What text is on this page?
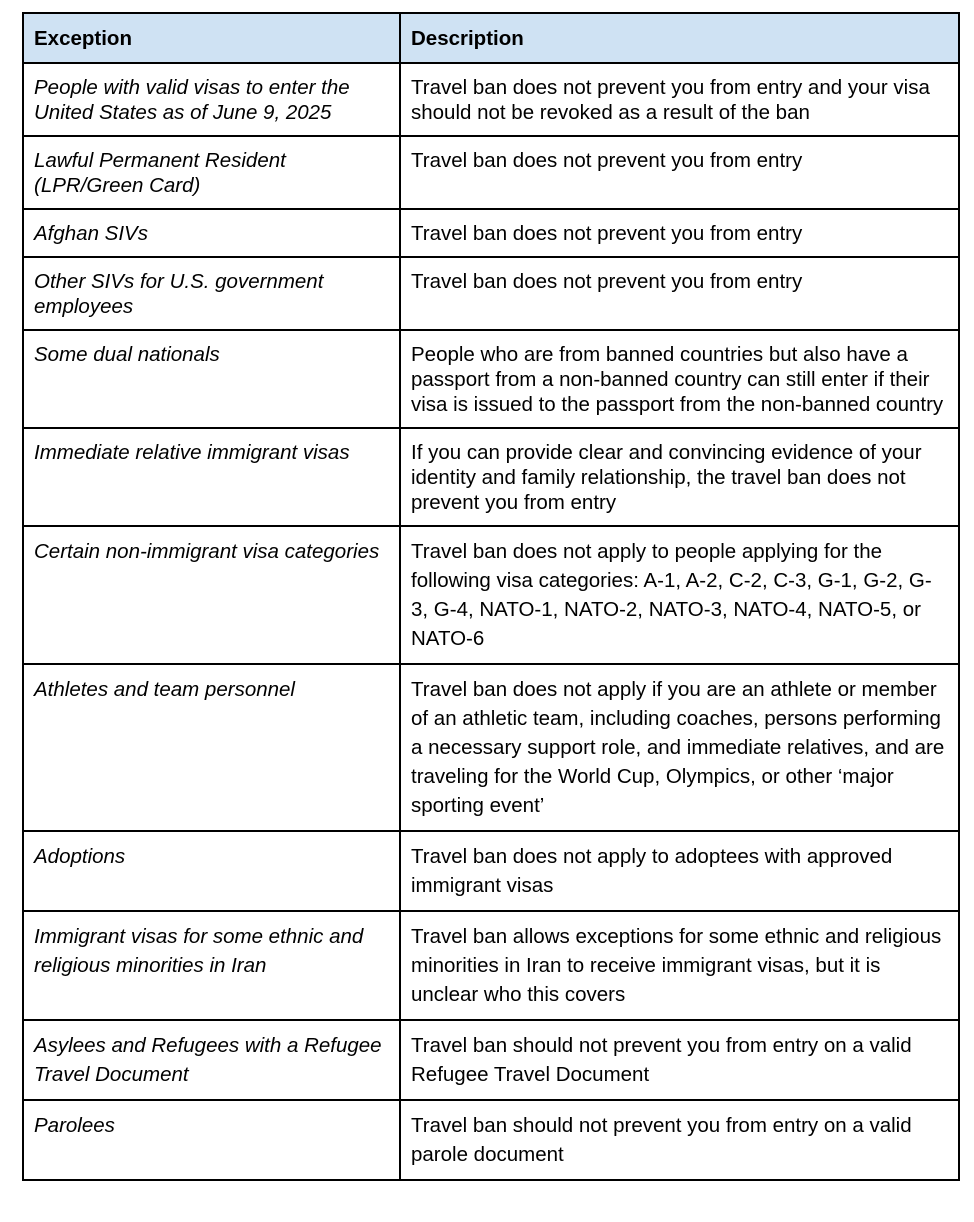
Exception	Description
People with valid visas to enter the United States as of June 9, 2025	Travel ban does not prevent you from entry and your visa should not be revoked as a result of the ban
Lawful Permanent Resident (LPR/Green Card)	Travel ban does not prevent you from entry
Afghan SIVs	Travel ban does not prevent you from entry
Other SIVs for U.S. government employees	Travel ban does not prevent you from entry
Some dual nationals	People who are from banned countries but also have a passport from a non-banned country can still enter if their visa is issued to the passport from the non-banned country
Immediate relative immigrant visas	If you can provide clear and convincing evidence of your identity and family relationship, the travel ban does not prevent you from entry
Certain non-immigrant visa categories	Travel ban does not apply to people applying for the following visa categories: A-1, A-2, C-2, C-3, G-1, G-2, G-3, G-4, NATO-1, NATO-2, NATO-3, NATO-4, NATO-5, or NATO-6
Athletes and team personnel	Travel ban does not apply if you are an athlete or member of an athletic team, including coaches, persons performing a necessary support role, and immediate relatives, and are traveling for the World Cup, Olympics, or other ‘major sporting event’
Adoptions	Travel ban does not apply to adoptees with approved immigrant visas
Immigrant visas for some ethnic and religious minorities in Iran	Travel ban allows exceptions for some ethnic and religious minorities in Iran to receive immigrant visas, but it is unclear who this covers
Asylees and Refugees with a Refugee Travel Document	Travel ban should not prevent you from entry on a valid Refugee Travel Document
Parolees	Travel ban should not prevent you from entry on a valid parole document
